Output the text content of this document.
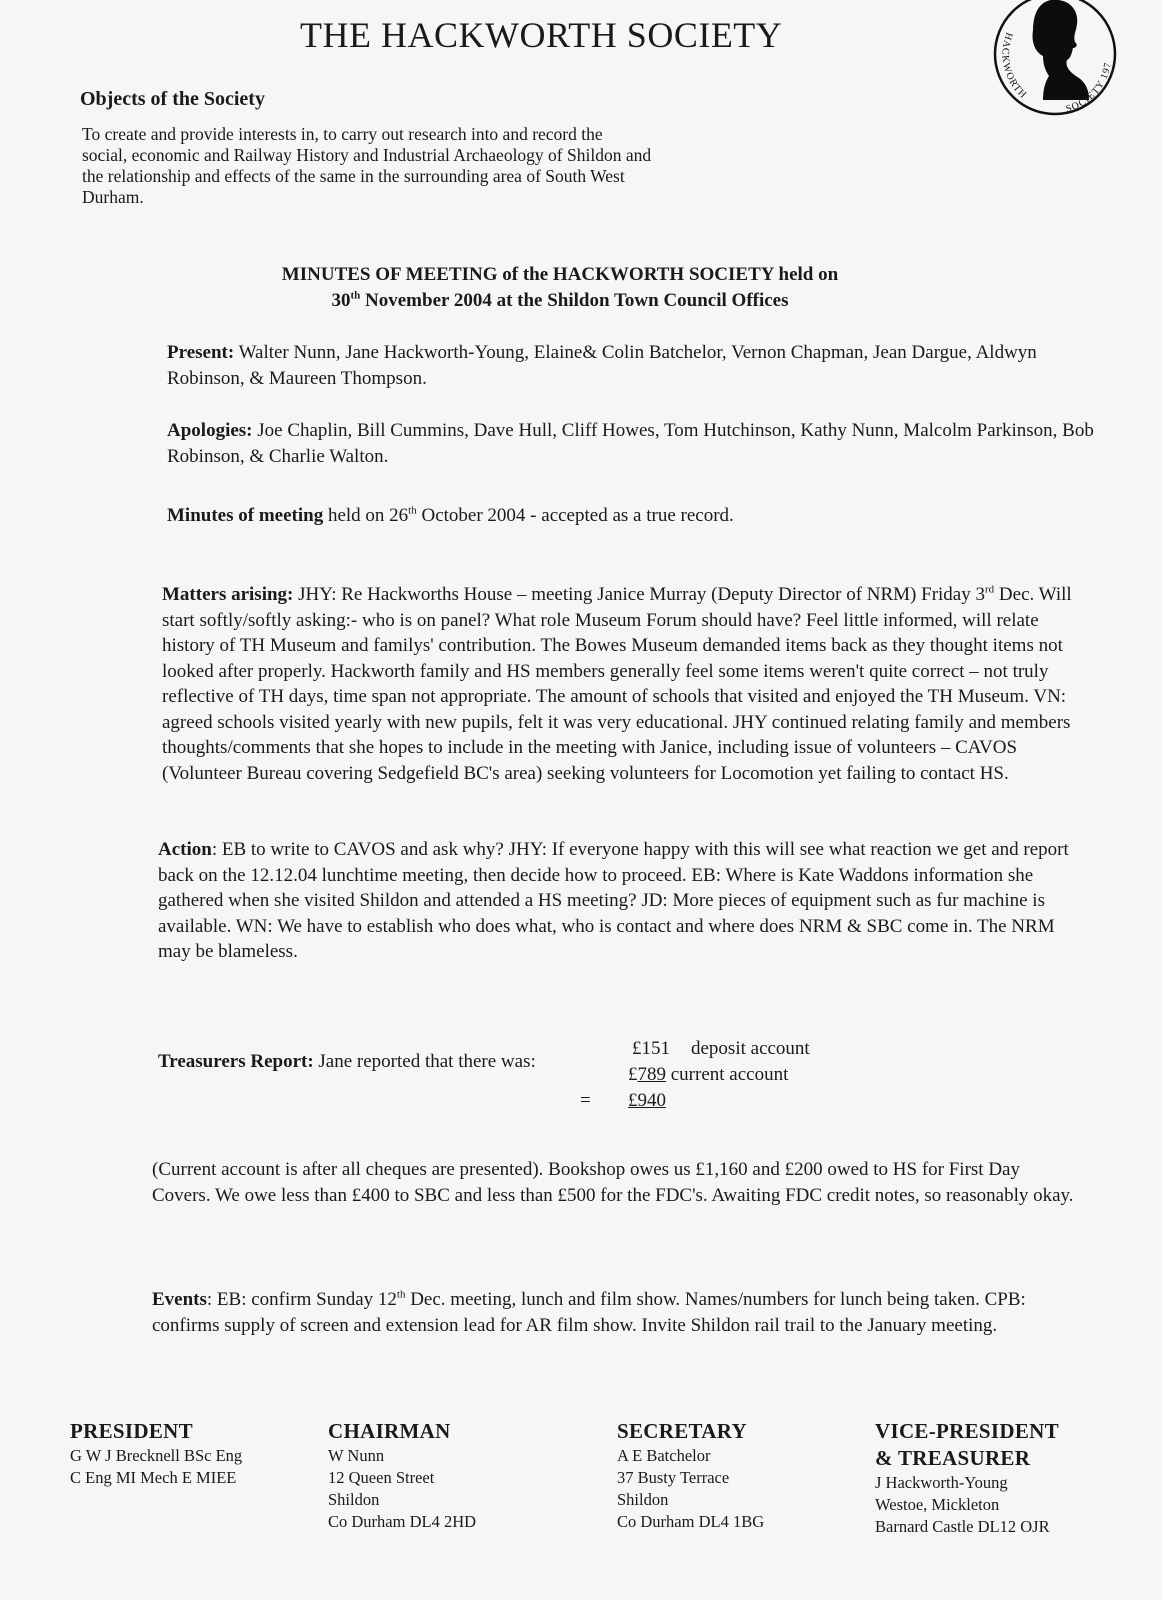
THE HACKWORTH SOCIETY	HACKWORTH
SOCIETY 197
Objects of the Society
To create and provide interests in, to carry out research into and record the social, economic and Railway History and Industrial Archaeology of Shildon and the relationship and effects of the same in the surrounding area of South West Durham.
MINUTES OF MEETING of the HACKWORTH SOCIETY held on
30th November 2004 at the Shildon Town Council Offices
Present: Walter Nunn, Jane Hackworth-Young, Elaine& Colin Batchelor, Vernon Chapman, Jean Dargue, Aldwyn Robinson, & Maureen Thompson.
Apologies: Joe Chaplin, Bill Cummins, Dave Hull, Cliff Howes, Tom Hutchinson, Kathy Nunn, Malcolm Parkinson, Bob Robinson, & Charlie Walton.
Minutes of meeting held on 26th October 2004 - accepted as a true record.
Matters arising: JHY: Re Hackworths House – meeting Janice Murray (Deputy Director of NRM) Friday 3rd Dec. Will start softly/softly asking:- who is on panel? What role Museum Forum should have? Feel little informed, will relate history of TH Museum and familys' contribution. The Bowes Museum demanded items back as they thought items not looked after properly. Hackworth family and HS members generally feel some items weren't quite correct – not truly reflective of TH days, time span not appropriate. The amount of schools that visited and enjoyed the TH Museum. VN: agreed schools visited yearly with new pupils, felt it was very educational. JHY continued relating family and members thoughts/comments that she hopes to include in the meeting with Janice, including issue of volunteers – CAVOS (Volunteer Bureau covering Sedgefield BC's area) seeking volunteers for Locomotion yet failing to contact HS.
Action: EB to write to CAVOS and ask why? JHY: If everyone happy with this will see what reaction we get and report back on the 12.12.04 lunchtime meeting, then decide how to proceed. EB: Where is Kate Waddons information she gathered when she visited Shildon and attended a HS meeting? JD: More pieces of equipment such as fur machine is available. WN: We have to establish who does what, who is contact and where does NRM & SBC come in. The NRM may be blameless.
Treasurers Report: Jane reported that there was:
£151 deposit account
£789 current account
= £940
(Current account is after all cheques are presented). Bookshop owes us £1,160 and £200 owed to HS for First Day Covers. We owe less than £400 to SBC and less than £500 for the FDC's. Awaiting FDC credit notes, so reasonably okay.
Events: EB: confirm Sunday 12th Dec. meeting, lunch and film show. Names/numbers for lunch being taken. CPB: confirms supply of screen and extension lead for AR film show. Invite Shildon rail trail to the January meeting.
PRESIDENT
G W J Brecknell BSc Eng
C Eng MI Mech E MIEE
CHAIRMAN
W Nunn
12 Queen Street
Shildon
Co Durham DL4 2HD
SECRETARY
A E Batchelor
37 Busty Terrace
Shildon
Co Durham DL4 1BG
VICE-PRESIDENT
& TREASURER
J Hackworth-Young
Westoe, Mickleton
Barnard Castle DL12 OJR
